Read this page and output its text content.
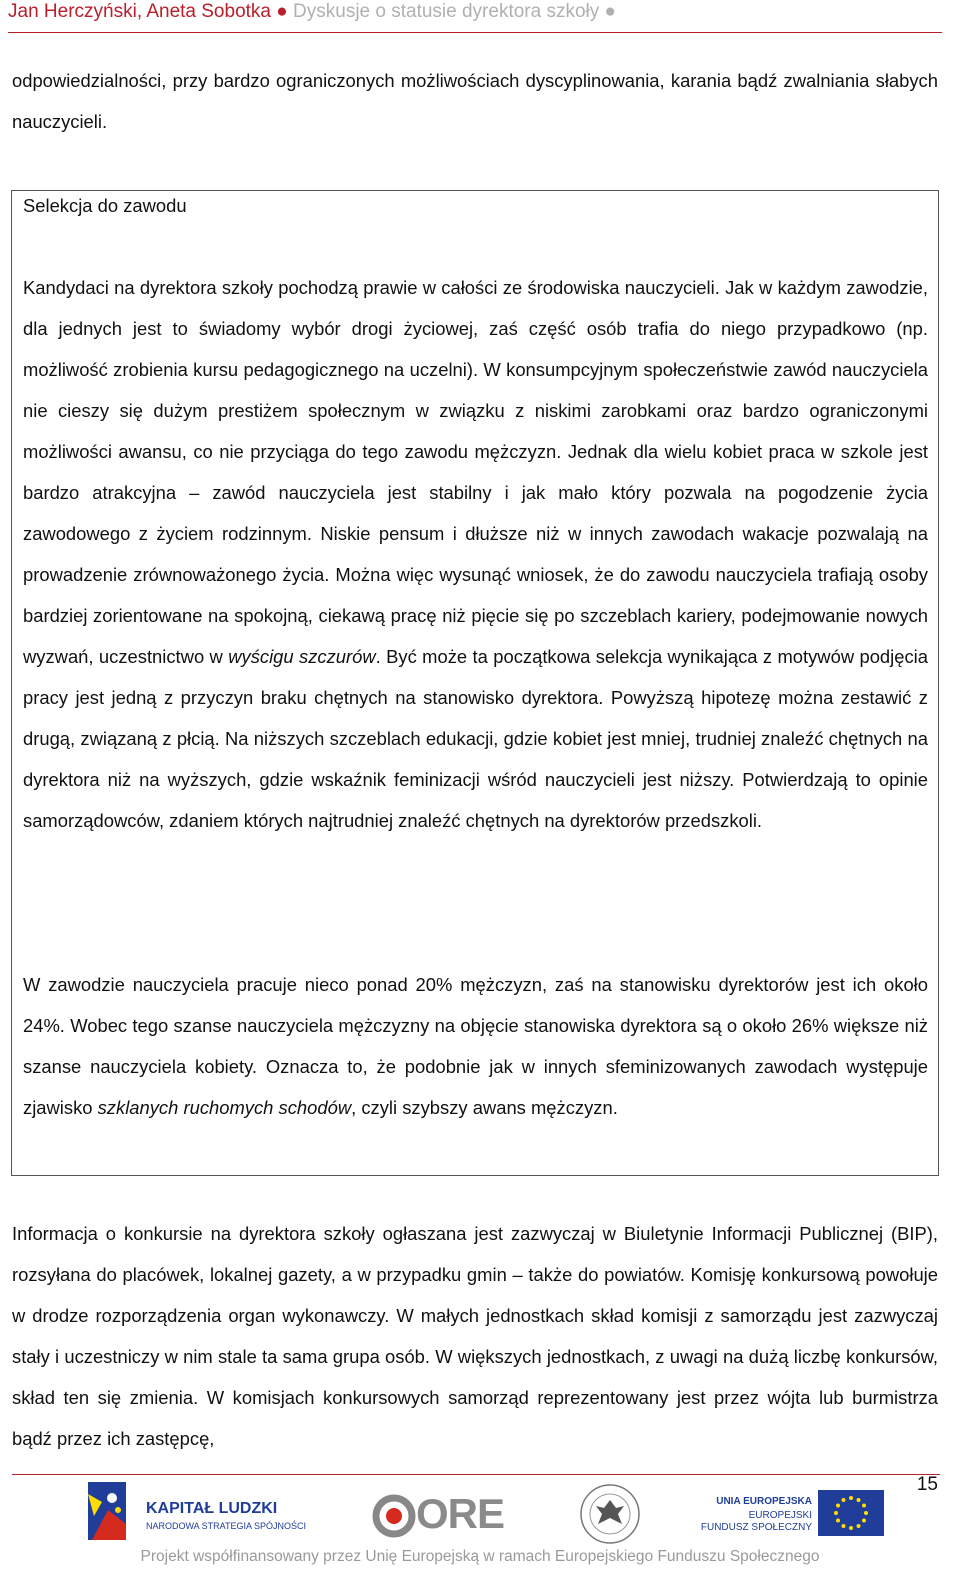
Jan Herczyński, Aneta Sobotka ● Dyskusje o statusie dyrektora szkoły ●

odpowiedzialności, przy bardzo ograniczonych możliwościach dyscyplinowania, karania bądź zwalniania słabych nauczycieli.

Selekcja do zawodu

Kandydaci na dyrektora szkoły pochodzą prawie w całości ze środowiska nauczycieli. Jak w każdym zawodzie, dla jednych jest to świadomy wybór drogi życiowej, zaś część osób trafia do niego przypadkowo (np. możliwość zrobienia kursu pedagogicznego na uczelni). W konsumpcyjnym społeczeństwie zawód nauczyciela nie cieszy się dużym prestiżem społecznym w związku z niskimi zarobkami oraz bardzo ograniczonymi możliwości awansu, co nie przyciąga do tego zawodu mężczyzn. Jednak dla wielu kobiet praca w szkole jest bardzo atrakcyjna – zawód nauczyciela jest stabilny i jak mało który pozwala na pogodzenie życia zawodowego z życiem rodzinnym. Niskie pensum i dłuższe niż w innych zawodach wakacje pozwalają na prowadzenie zrównoważonego życia. Można więc wysunąć wniosek, że do zawodu nauczyciela trafiają osoby bardziej zorientowane na spokojną, ciekawą pracę niż pięcie się po szczeblach kariery, podejmowanie nowych wyzwań, uczestnictwo w wyścigu szczurów. Być może ta początkowa selekcja wynikająca z motywów podjęcia pracy jest jedną z przyczyn braku chętnych na stanowisko dyrektora. Powyższą hipotezę można zestawić z drugą, związaną z płcią. Na niższych szczeblach edukacji, gdzie kobiet jest mniej, trudniej znaleźć chętnych na dyrektora niż na wyższych, gdzie wskaźnik feminizacji wśród nauczycieli jest niższy. Potwierdzają to opinie samorządowców, zdaniem których najtrudniej znaleźć chętnych na dyrektorów przedszkoli.

W zawodzie nauczyciela pracuje nieco ponad 20% mężczyzn, zaś na stanowisku dyrektorów jest ich około 24%. Wobec tego szanse nauczyciela mężczyzny na objęcie stanowiska dyrektora są o około 26% większe niż szanse nauczyciela kobiety. Oznacza to, że podobnie jak w innych sfeminizowanych zawodach występuje zjawisko szklanych ruchomych schodów, czyli szybszy awans mężczyzn.

Informacja o konkursie na dyrektora szkoły ogłaszana jest zazwyczaj w Biuletynie Informacji Publicznej (BIP), rozsyłana do placówek, lokalnej gazety, a w przypadku gmin – także do powiatów. Komisję konkursową powołuje w drodze rozporządzenia organ wykonawczy. W małych jednostkach skład komisji z samorządu jest zazwyczaj stały i uczestniczy w nim stale ta sama grupa osób. W większych jednostkach, z uwagi na dużą liczbę konkursów, skład ten się zmienia. W komisjach konkursowych samorząd reprezentowany jest przez wójta lub burmistrza bądź przez ich zastępcę,

15
KAPITAŁ LUDZKI
NARODOWA STRATEGIA SPÓJNOŚCI	ORE	UNIA EUROPEJSKA
EUROPEJSKI
FUNDUSZ SPOŁECZNY
Projekt współfinansowany przez Unię Europejską w ramach Europejskiego Funduszu Społecznego
